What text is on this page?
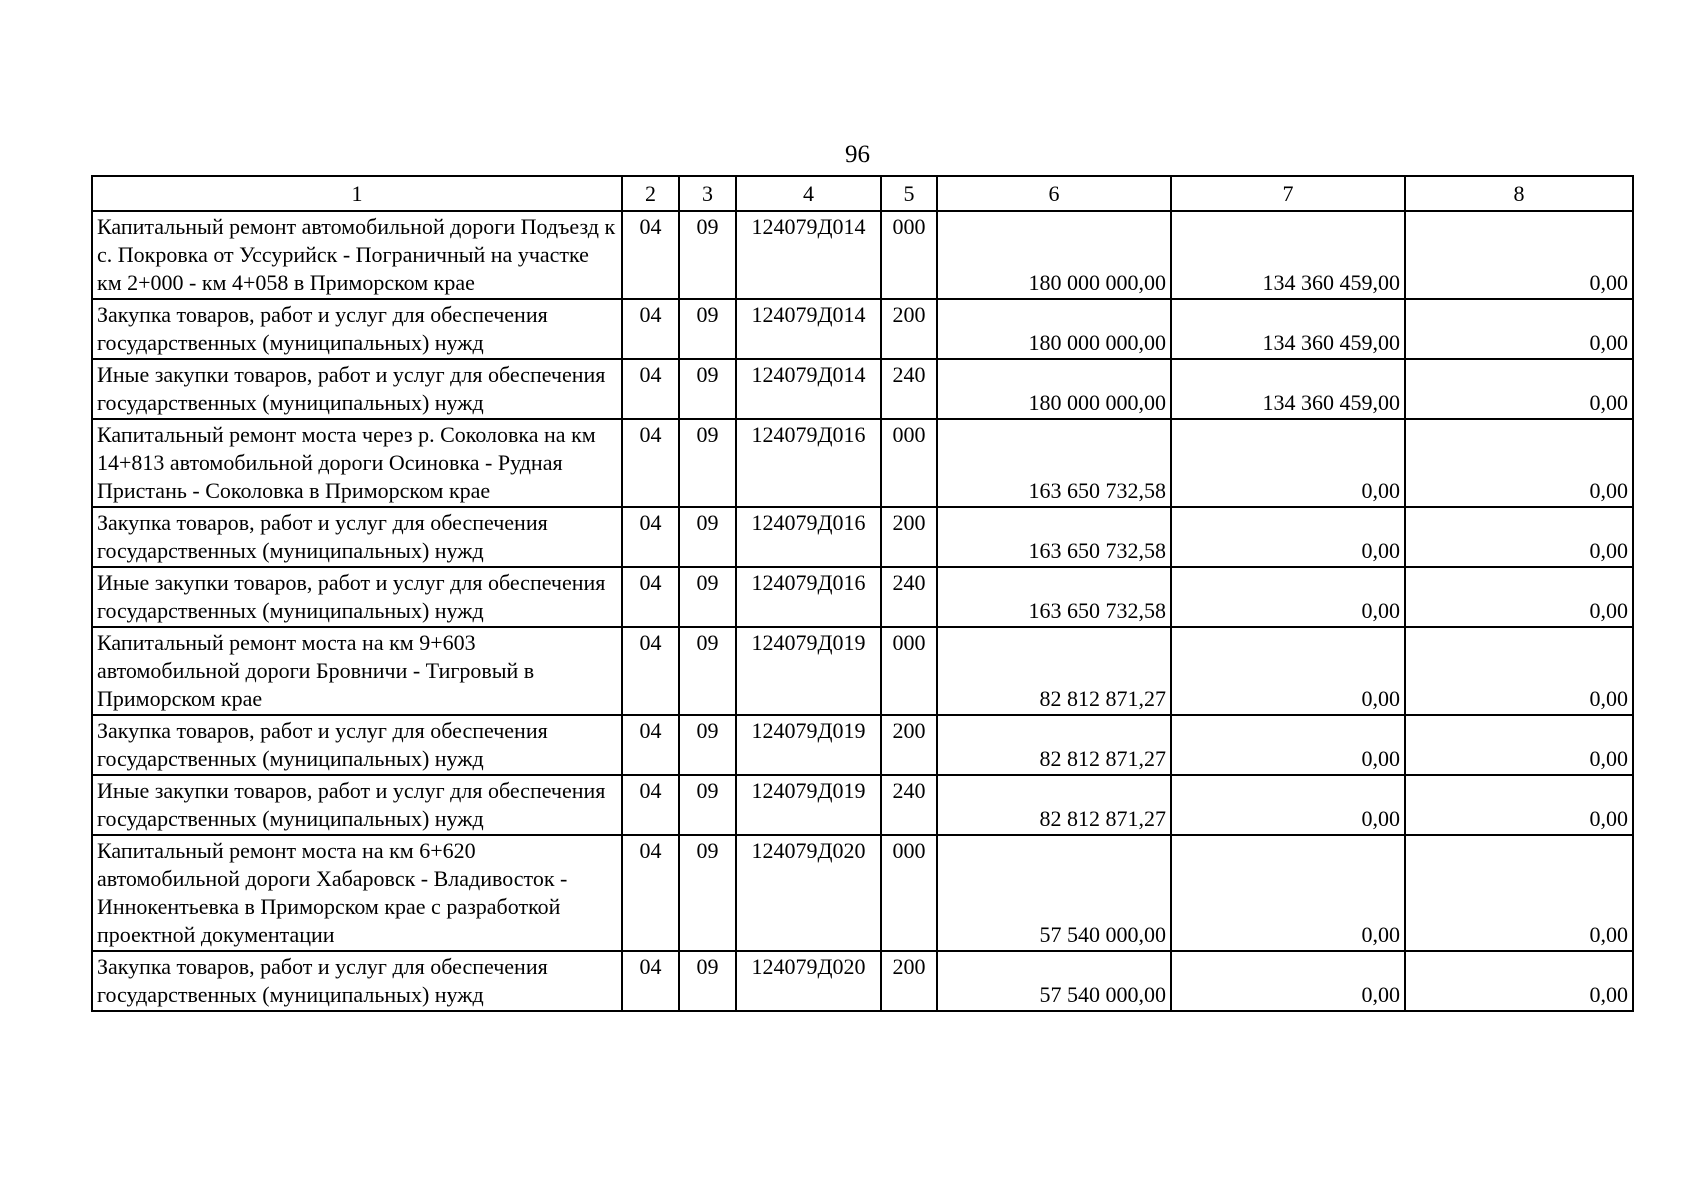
96
1	2	3	4	5	6	7	8
Капитальный ремонт автомобильной дороги Подъезд к с. Покровка от Уссурийск - Пограничный на участке км 2+000 - км 4+058 в Приморском крае	04	09	124079Д014	000	180 000 000,00	134 360 459,00	0,00
Закупка товаров, работ и услуг для обеспечения государственных (муниципальных) нужд	04	09	124079Д014	200	180 000 000,00	134 360 459,00	0,00
Иные закупки товаров, работ и услуг для обеспечения государственных (муниципальных) нужд	04	09	124079Д014	240	180 000 000,00	134 360 459,00	0,00
Капитальный ремонт моста через р. Соколовка на км 14+813 автомобильной дороги Осиновка - Рудная Пристань - Соколовка в Приморском крае	04	09	124079Д016	000	163 650 732,58	0,00	0,00
Закупка товаров, работ и услуг для обеспечения государственных (муниципальных) нужд	04	09	124079Д016	200	163 650 732,58	0,00	0,00
Иные закупки товаров, работ и услуг для обеспечения государственных (муниципальных) нужд	04	09	124079Д016	240	163 650 732,58	0,00	0,00
Капитальный ремонт моста на км 9+603 автомобильной дороги Бровничи - Тигровый в Приморском крае	04	09	124079Д019	000	82 812 871,27	0,00	0,00
Закупка товаров, работ и услуг для обеспечения государственных (муниципальных) нужд	04	09	124079Д019	200	82 812 871,27	0,00	0,00
Иные закупки товаров, работ и услуг для обеспечения государственных (муниципальных) нужд	04	09	124079Д019	240	82 812 871,27	0,00	0,00
Капитальный ремонт моста на км 6+620 автомобильной дороги Хабаровск - Владивосток - Иннокентьевка в Приморском крае с разработкой проектной документации	04	09	124079Д020	000	57 540 000,00	0,00	0,00
Закупка товаров, работ и услуг для обеспечения государственных (муниципальных) нужд	04	09	124079Д020	200	57 540 000,00	0,00	0,00
